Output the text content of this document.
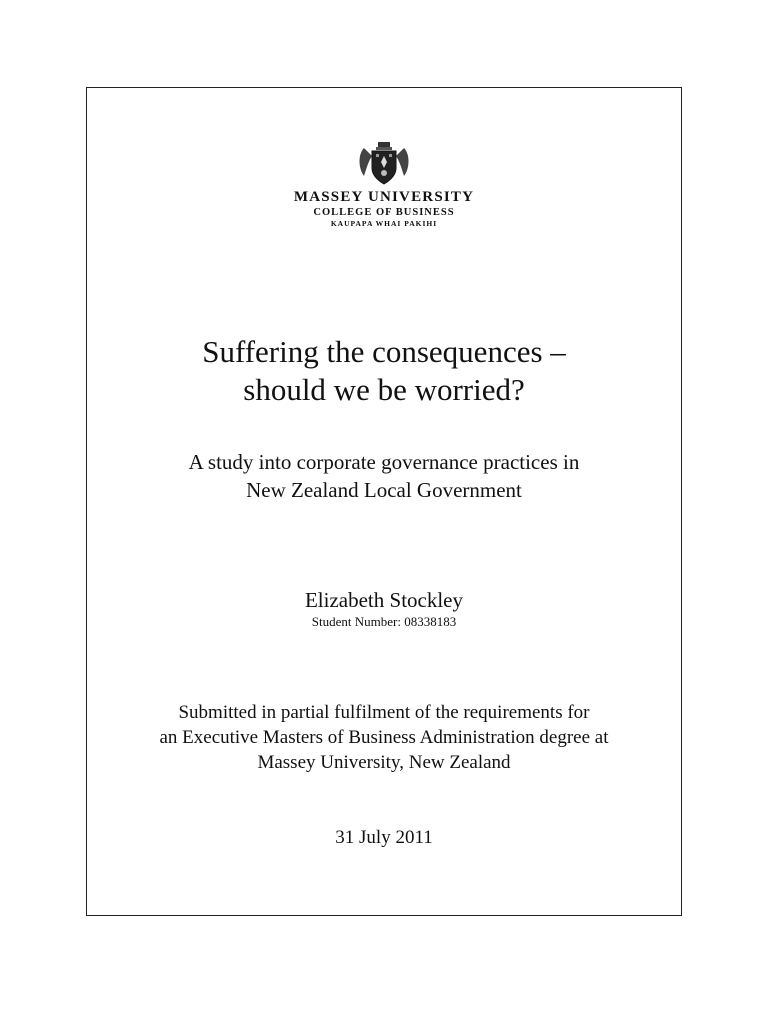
MASSEY UNIVERSITY
COLLEGE OF BUSINESS
KAUPAPA WHAI PAKIHI
Suffering the consequences –
should we be worried?
A study into corporate governance practices in
New Zealand Local Government
Elizabeth Stockley
Student Number: 08338183
Submitted in partial fulfilment of the requirements for
an Executive Masters of Business Administration degree at
Massey University, New Zealand
31 July 2011
